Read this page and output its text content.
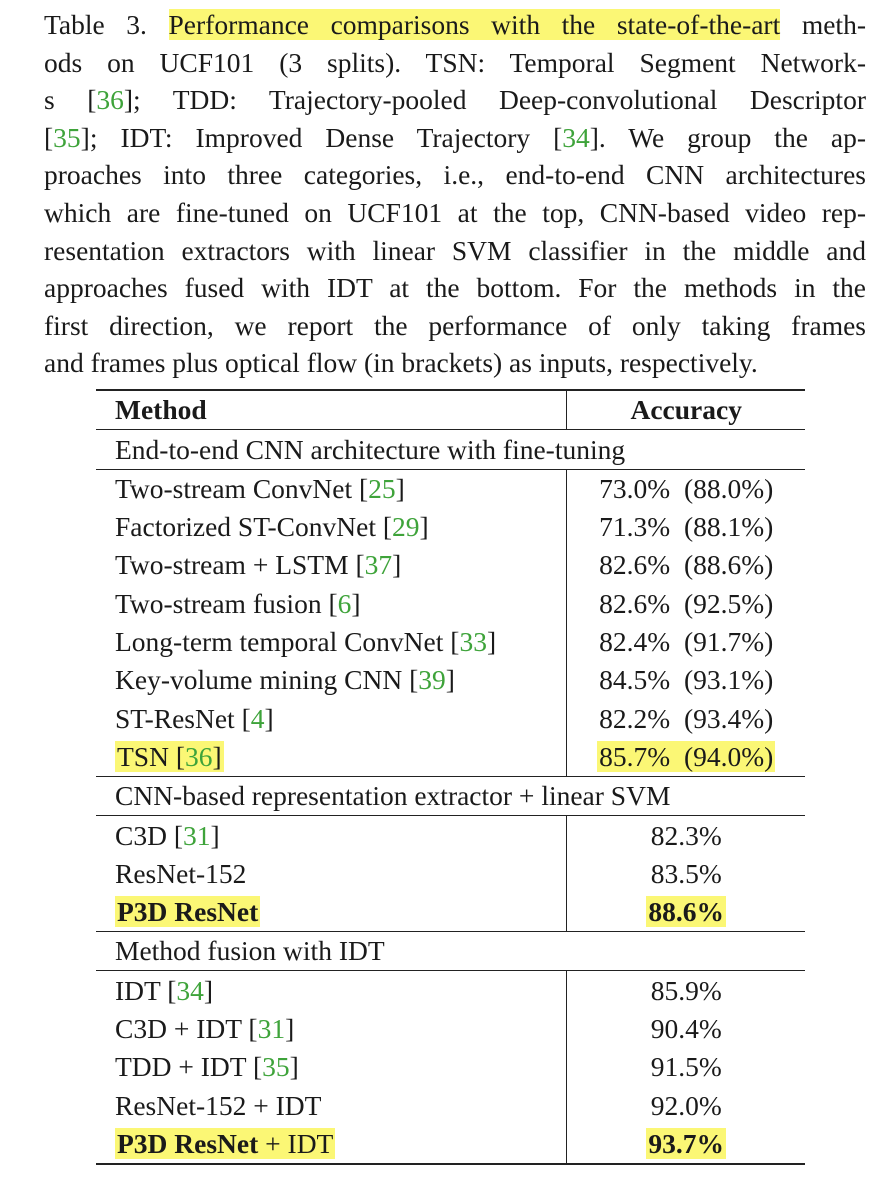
Table 3. Performance comparisons with the state-of-the-art meth-
ods on UCF101 (3 splits). TSN: Temporal Segment Network-
s [36]; TDD: Trajectory-pooled Deep-convolutional Descriptor
[35]; IDT: Improved Dense Trajectory [34]. We group the ap-
proaches into three categories, i.e., end-to-end CNN architectures
which are fine-tuned on UCF101 at the top, CNN-based video rep-
resentation extractors with linear SVM classifier in the middle and
approaches fused with IDT at the bottom. For the methods in the
first direction, we report the performance of only taking frames
and frames plus optical flow (in brackets) as inputs, respectively.
Method	Accuracy
End-to-end CNN architecture with fine-tuning	
Two-stream ConvNet [25]	73.0%  (88.0%)
Factorized ST-ConvNet [29]	71.3%  (88.1%)
Two-stream + LSTM [37]	82.6%  (88.6%)
Two-stream fusion [6]	82.6%  (92.5%)
Long-term temporal ConvNet [33]	82.4%  (91.7%)
Key-volume mining CNN [39]	84.5%  (93.1%)
ST-ResNet [4]	82.2%  (93.4%)
TSN [36]	85.7%  (94.0%)
CNN-based representation extractor + linear SVM	
C3D [31]	82.3%
ResNet-152	83.5%
P3D ResNet	88.6%
Method fusion with IDT	
IDT [34]	85.9%
C3D + IDT [31]	90.4%
TDD + IDT [35]	91.5%
ResNet-152 + IDT	92.0%
P3D ResNet + IDT	93.7%
